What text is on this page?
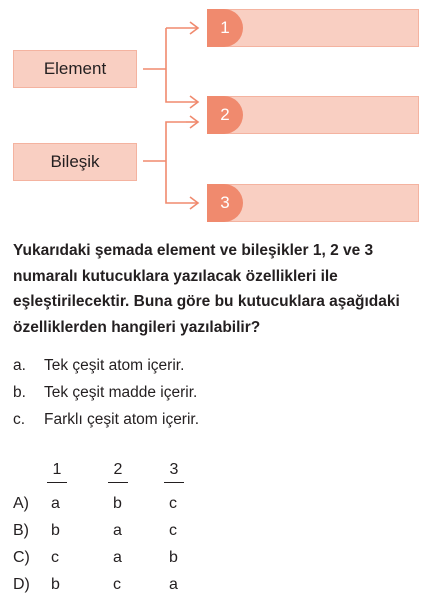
Element
Bileşik
1
2
3
Yukarıdaki şemada element ve bileşikler 1, 2 ve 3 numaralı kutucuklara yazılacak özellikleri ile eşleştirilecektir. Buna göre bu kutucuklara aşağıdaki özelliklerden hangileri yazılabilir?
a. Tek çeşit atom içerir.
b. Tek çeşit madde içerir.
c. Farklı çeşit atom içerir.
1	2	3
A) a	b	c
B) b	a	c
C) c	a	b
D) b	c	a
